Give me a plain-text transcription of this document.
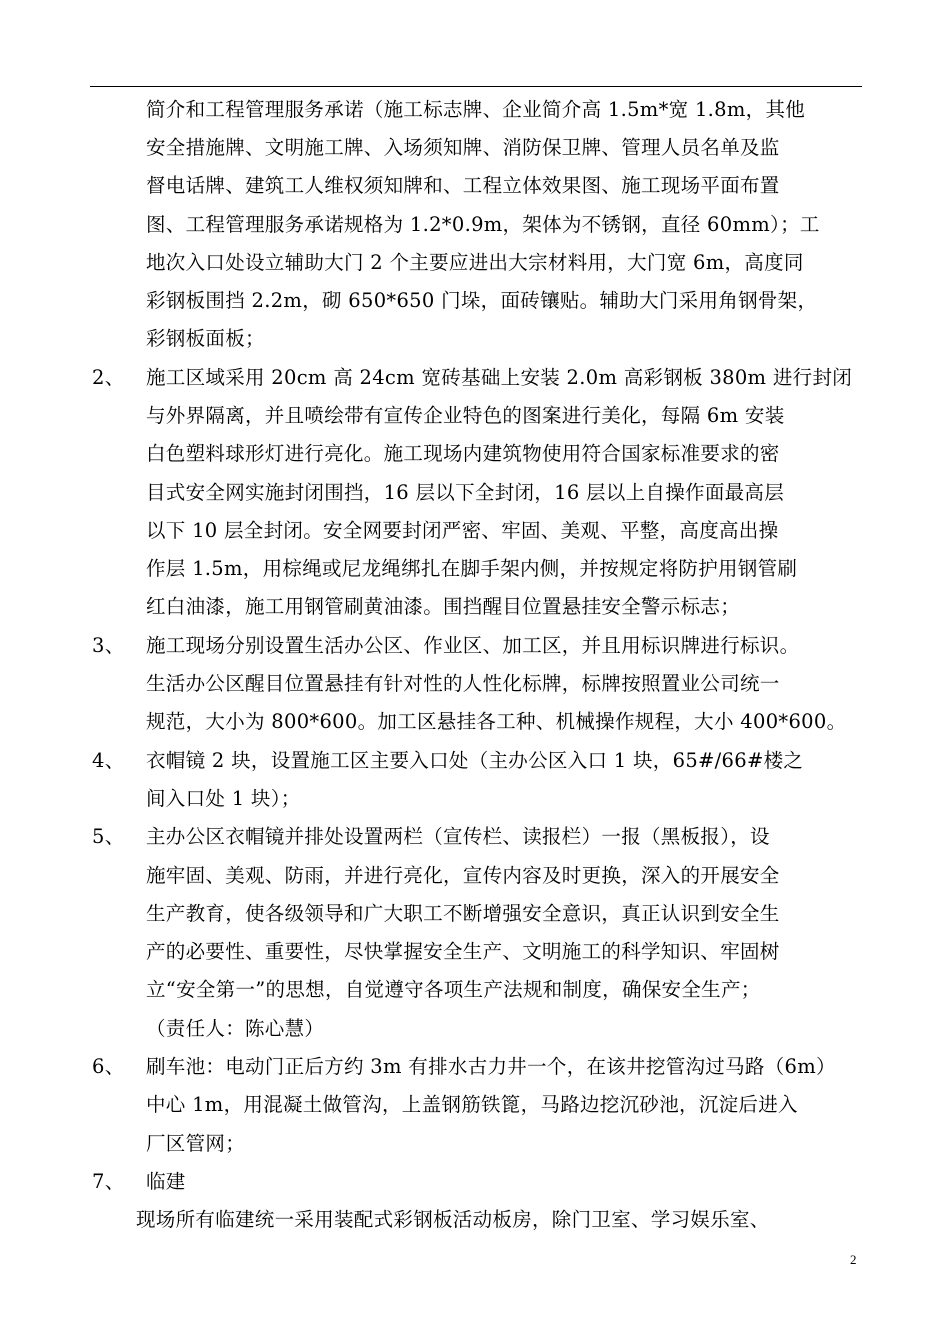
简介和工程管理服务承诺（施工标志牌、企业简介高 1.5m*宽 1.8m，其他
安全措施牌、文明施工牌、入场须知牌、消防保卫牌、管理人员名单及监
督电话牌、建筑工人维权须知牌和、工程立体效果图、施工现场平面布置
图、工程管理服务承诺规格为 1.2*0.9m，架体为不锈钢，直径 60mm）；工
地次入口处设立辅助大门 2 个主要应进出大宗材料用，大门宽 6m，高度同
彩钢板围挡 2.2m，砌 650*650 门垛，面砖镶贴。辅助大门采用角钢骨架，
彩钢板面板；
2、 施工区域采用 20cm 高 24cm 宽砖基础上安装 2.0m 高彩钢板 380m 进行封闭
与外界隔离，并且喷绘带有宣传企业特色的图案进行美化，每隔 6m 安装
白色塑料球形灯进行亮化。施工现场内建筑物使用符合国家标准要求的密
目式安全网实施封闭围挡，16 层以下全封闭，16 层以上自操作面最高层
以下 10 层全封闭。安全网要封闭严密、牢固、美观、平整，高度高出操
作层 1.5m，用棕绳或尼龙绳绑扎在脚手架内侧，并按规定将防护用钢管刷
红白油漆，施工用钢管刷黄油漆。围挡醒目位置悬挂安全警示标志；
3、 施工现场分别设置生活办公区、作业区、加工区，并且用标识牌进行标识。
生活办公区醒目位置悬挂有针对性的人性化标牌，标牌按照置业公司统一
规范，大小为 800*600。加工区悬挂各工种、机械操作规程，大小 400*600。
4、 衣帽镜 2 块，设置施工区主要入口处（主办公区入口 1 块，65#/66#楼之
间入口处 1 块）；
5、 主办公区衣帽镜并排处设置两栏（宣传栏、读报栏）一报（黑板报），设
施牢固、美观、防雨，并进行亮化，宣传内容及时更换，深入的开展安全
生产教育，使各级领导和广大职工不断增强安全意识，真正认识到安全生
产的必要性、重要性，尽快掌握安全生产、文明施工的科学知识、牢固树
立“安全第一”的思想，自觉遵守各项生产法规和制度，确保安全生产；
（责任人：陈心慧）
6、 刷车池：电动门正后方约 3m 有排水古力井一个，在该井挖管沟过马路（6m）
中心 1m，用混凝土做管沟，上盖钢筋铁篦，马路边挖沉砂池，沉淀后进入
厂区管网；
7、 临建
现场所有临建统一采用装配式彩钢板活动板房，除门卫室、学习娱乐室、
2
